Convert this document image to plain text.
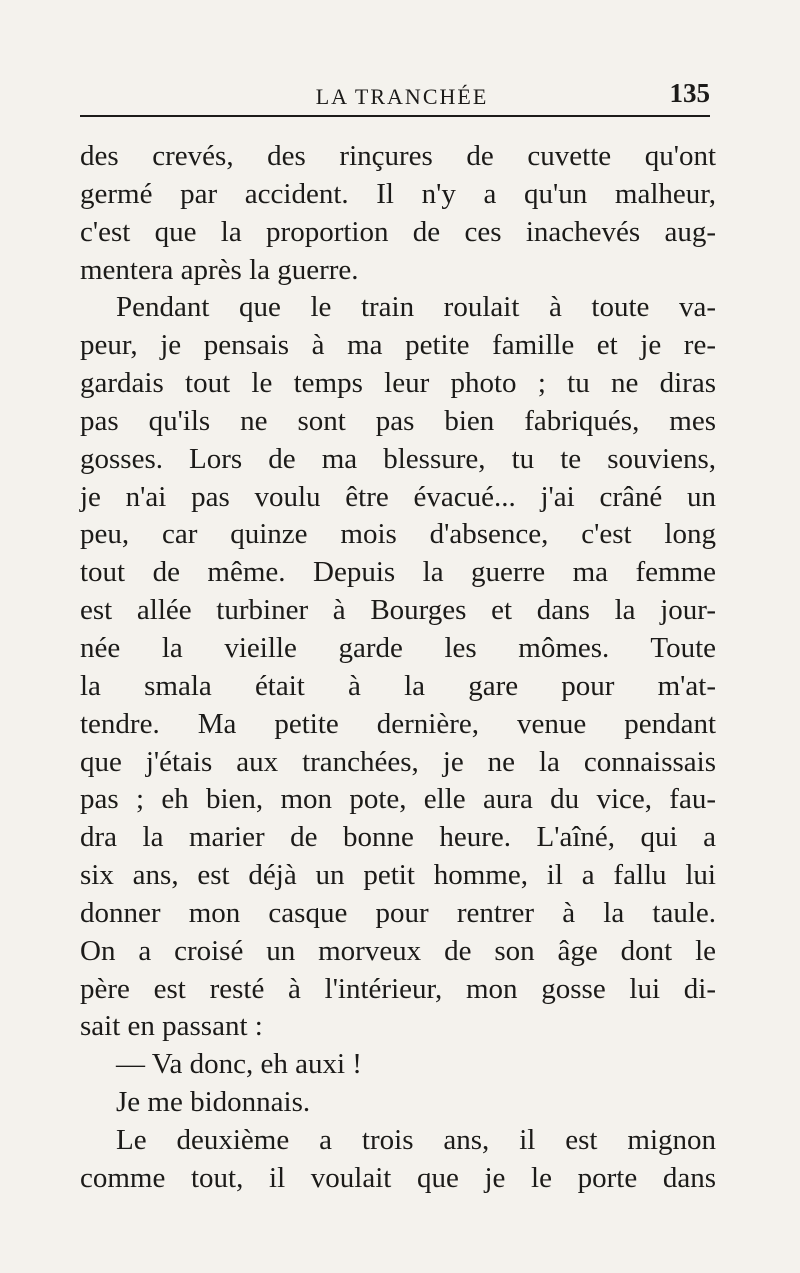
LA TRANCHÉE	135
des crevés, des rinçures de cuvette qu'ont
germé par accident. Il n'y a qu'un malheur,
c'est que la proportion de ces inachevés aug-
mentera après la guerre.
Pendant que le train roulait à toute va-
peur, je pensais à ma petite famille et je re-
gardais tout le temps leur photo ; tu ne diras
pas qu'ils ne sont pas bien fabriqués, mes
gosses. Lors de ma blessure, tu te souviens,
je n'ai pas voulu être évacué... j'ai crâné un
peu, car quinze mois d'absence, c'est long
tout de même. Depuis la guerre ma femme
est allée turbiner à Bourges et dans la jour-
née la vieille garde les mômes. Toute
la smala était à la gare pour m'at-
tendre. Ma petite dernière, venue pendant
que j'étais aux tranchées, je ne la connaissais
pas ; eh bien, mon pote, elle aura du vice, fau-
dra la marier de bonne heure. L'aîné, qui a
six ans, est déjà un petit homme, il a fallu lui
donner mon casque pour rentrer à la taule.
On a croisé un morveux de son âge dont le
père est resté à l'intérieur, mon gosse lui di-
sait en passant :
— Va donc, eh auxi !
Je me bidonnais.
Le deuxième a trois ans, il est mignon
comme tout, il voulait que je le porte dans
